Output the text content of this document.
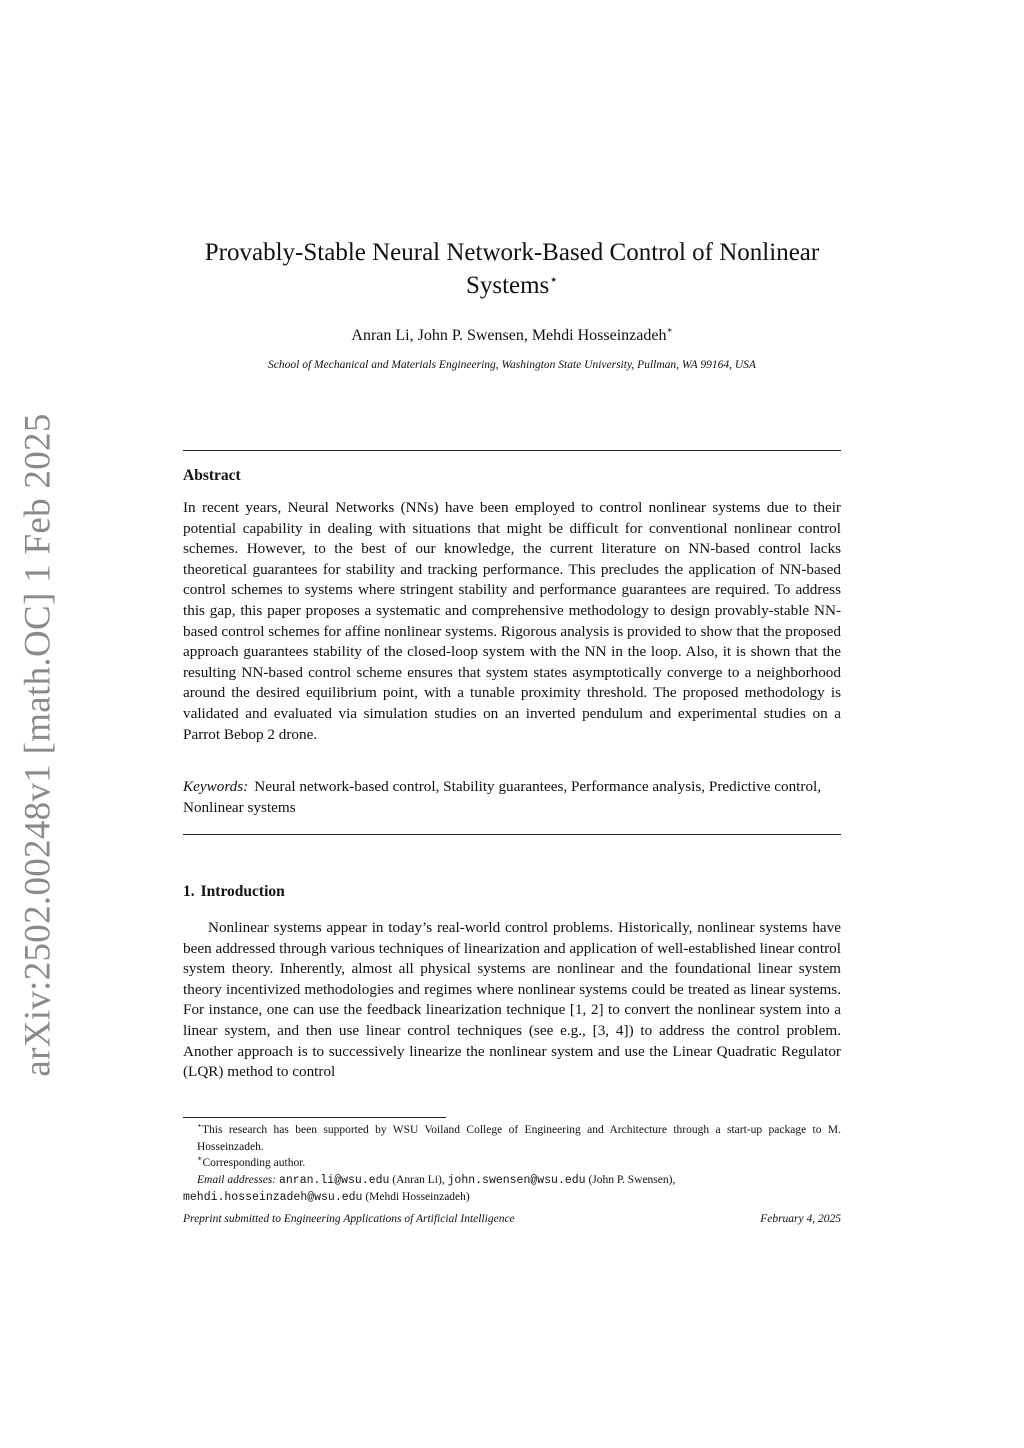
arXiv:2502.00248v1 [math.OC] 1 Feb 2025
Provably-Stable Neural Network-Based Control of Nonlinear
Systems⋆
Anran Li, John P. Swensen, Mehdi Hosseinzadeh∗
School of Mechanical and Materials Engineering, Washington State University, Pullman, WA 99164, USA
Abstract
In recent years, Neural Networks (NNs) have been employed to control nonlinear systems due to their potential capability in dealing with situations that might be difficult for conventional nonlinear control schemes. However, to the best of our knowledge, the current literature on NN-based control lacks theoretical guarantees for stability and tracking performance. This precludes the application of NN-based control schemes to systems where stringent stability and performance guarantees are required. To address this gap, this paper proposes a systematic and comprehensive methodology to design provably-stable NN-based control schemes for affine nonlinear systems. Rigorous analysis is provided to show that the proposed approach guarantees stability of the closed-loop system with the NN in the loop. Also, it is shown that the resulting NN-based control scheme ensures that system states asymptotically converge to a neighborhood around the desired equilibrium point, with a tunable proximity threshold. The proposed methodology is validated and evaluated via simulation studies on an inverted pendulum and experimental studies on a Parrot Bebop 2 drone.
Keywords: Neural network-based control, Stability guarantees, Performance analysis, Predictive control, Nonlinear systems
1. Introduction
Nonlinear systems appear in today’s real-world control problems. Historically, nonlinear systems have been addressed through various techniques of linearization and application of well-established linear control system theory. Inherently, almost all physical systems are nonlinear and the foundational linear system theory incentivized methodologies and regimes where nonlinear systems could be treated as linear systems. For instance, one can use the feedback linearization technique [1, 2] to convert the nonlinear system into a linear system, and then use linear control techniques (see e.g., [3, 4]) to address the control problem. Another approach is to successively linearize the nonlinear system and use the Linear Quadratic Regulator (LQR) method to control

⋆This research has been supported by WSU Voiland College of Engineering and Architecture through a start-up package to M. Hosseinzadeh.

∗Corresponding author.

Email addresses: anran.li@wsu.edu (Anran Li), john.swensen@wsu.edu (John P. Swensen),
mehdi.hosseinzadeh@wsu.edu (Mehdi Hosseinzadeh)

Preprint submitted to Engineering Applications of Artificial Intelligence	February 4, 2025
